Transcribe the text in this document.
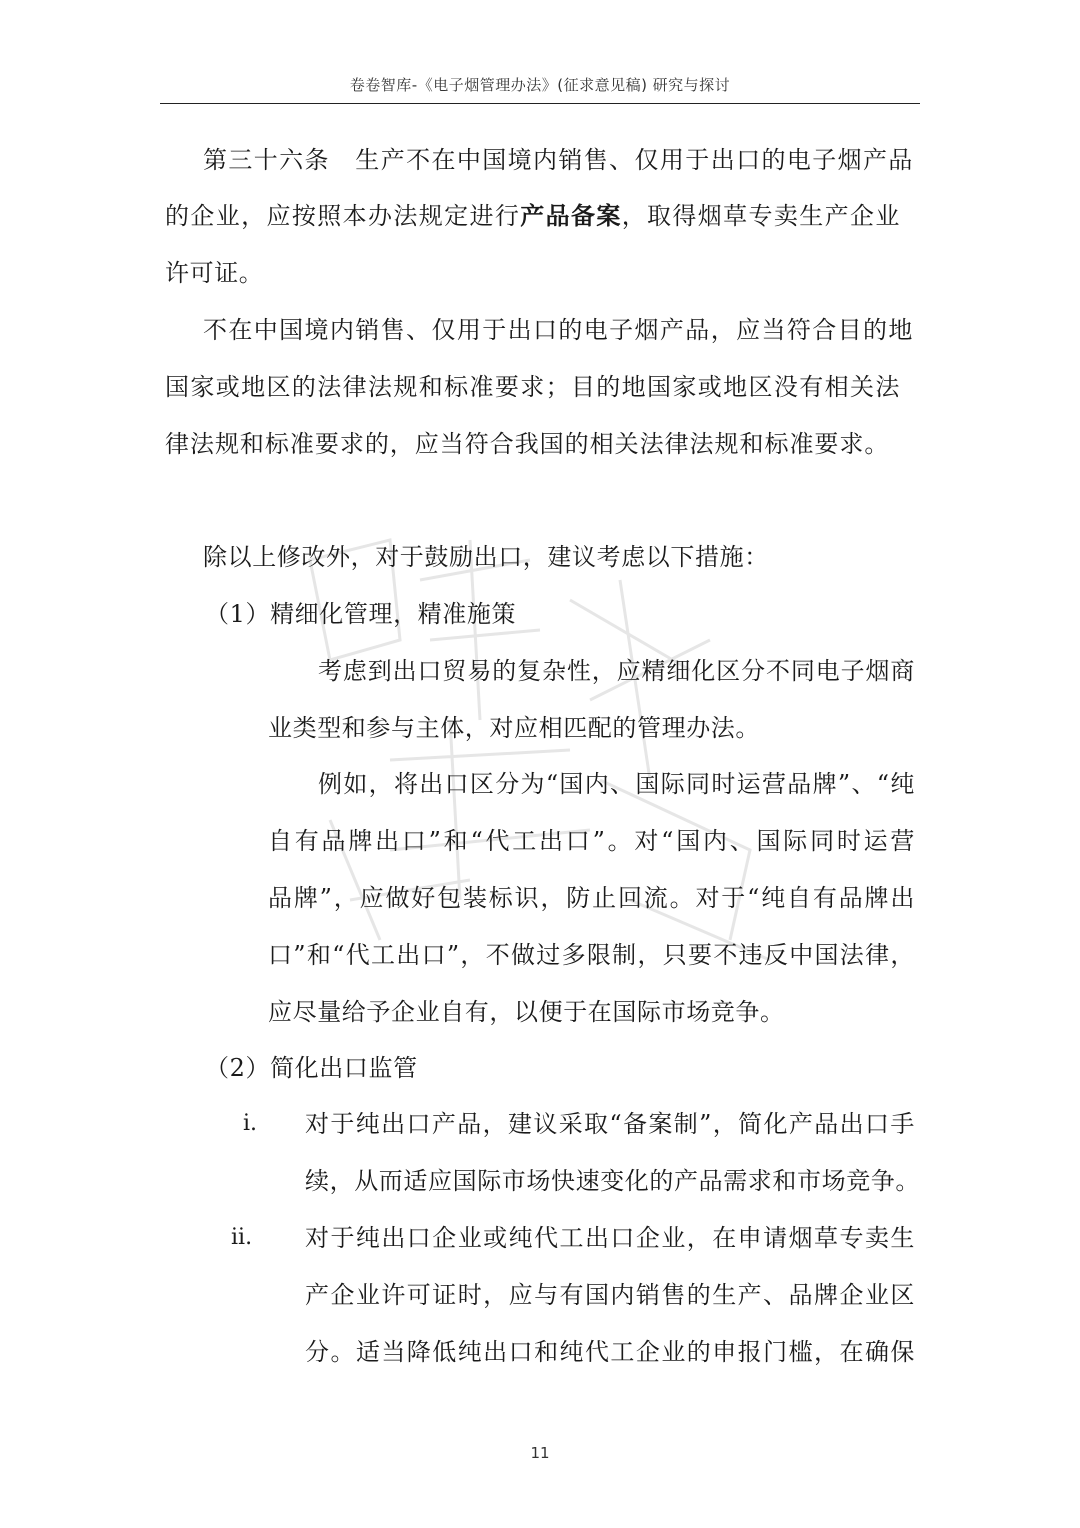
卷卷智库-《电子烟管理办法》(征求意见稿) 研究与探讨
第三十六条　生产不在中国境内销售、仅用于出口的电子烟产品
的企业，应按照本办法规定进行产品备案，取得烟草专卖生产企业
许可证。
不在中国境内销售、仅用于出口的电子烟产品，应当符合目的地
国家或地区的法律法规和标准要求；目的地国家或地区没有相关法
律法规和标准要求的，应当符合我国的相关法律法规和标准要求。
除以上修改外，对于鼓励出口，建议考虑以下措施：
（1）精细化管理，精准施策
考虑到出口贸易的复杂性，应精细化区分不同电子烟商
业类型和参与主体，对应相匹配的管理办法。
例如，将出口区分为“国内、国际同时运营品牌”、“纯
自有品牌出口”和“代工出口”。对“国内、国际同时运营
品牌”，应做好包装标识，防止回流。对于“纯自有品牌出
口”和“代工出口”，不做过多限制，只要不违反中国法律，
应尽量给予企业自有，以便于在国际市场竞争。
（2）简化出口监管
i. 对于纯出口产品，建议采取“备案制”，简化产品出口手
续，从而适应国际市场快速变化的产品需求和市场竞争。
ii. 对于纯出口企业或纯代工出口企业，在申请烟草专卖生
产企业许可证时，应与有国内销售的生产、品牌企业区
分。适当降低纯出口和纯代工企业的申报门槛，在确保
11
